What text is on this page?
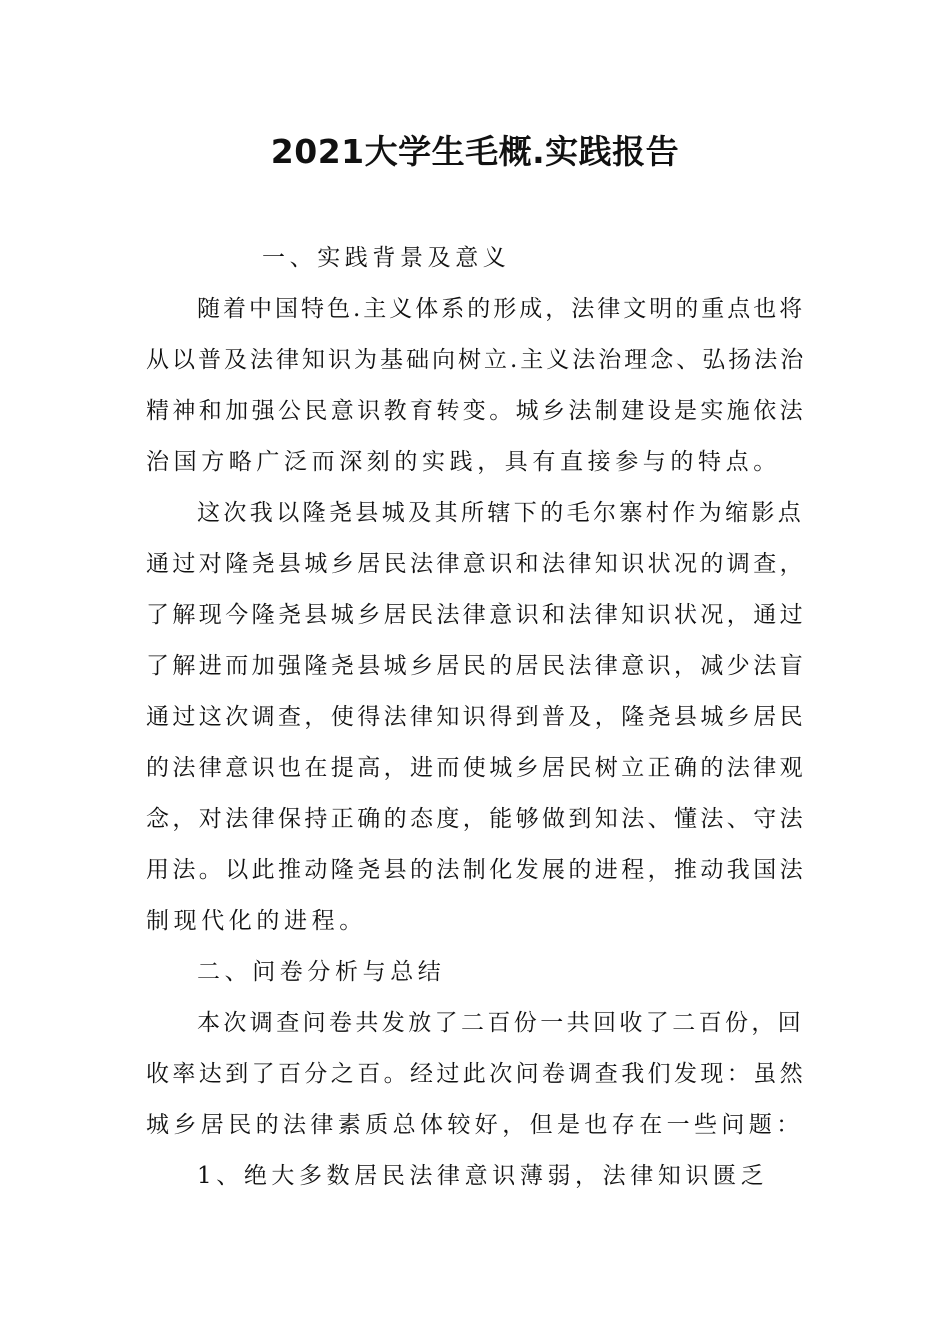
2021大学生毛概.实践报告

一、实践背景及意义

随着中国特色.主义体系的形成，法律文明的重点也将

从以普及法律知识为基础向树立.主义法治理念、弘扬法治

精神和加强公民意识教育转变。城乡法制建设是实施依法

治国方略广泛而深刻的实践，具有直接参与的特点。

这次我以隆尧县城及其所辖下的毛尔寨村作为缩影点

通过对隆尧县城乡居民法律意识和法律知识状况的调查，

了解现今隆尧县城乡居民法律意识和法律知识状况，通过

了解进而加强隆尧县城乡居民的居民法律意识，减少法盲

通过这次调查，使得法律知识得到普及，隆尧县城乡居民

的法律意识也在提高，进而使城乡居民树立正确的法律观

念，对法律保持正确的态度，能够做到知法、懂法、守法

用法。以此推动隆尧县的法制化发展的进程，推动我国法

制现代化的进程。

二、问卷分析与总结

本次调查问卷共发放了二百份一共回收了二百份，回

收率达到了百分之百。经过此次问卷调查我们发现：虽然

城乡居民的法律素质总体较好，但是也存在一些问题：

1、绝大多数居民法律意识薄弱，法律知识匮乏
